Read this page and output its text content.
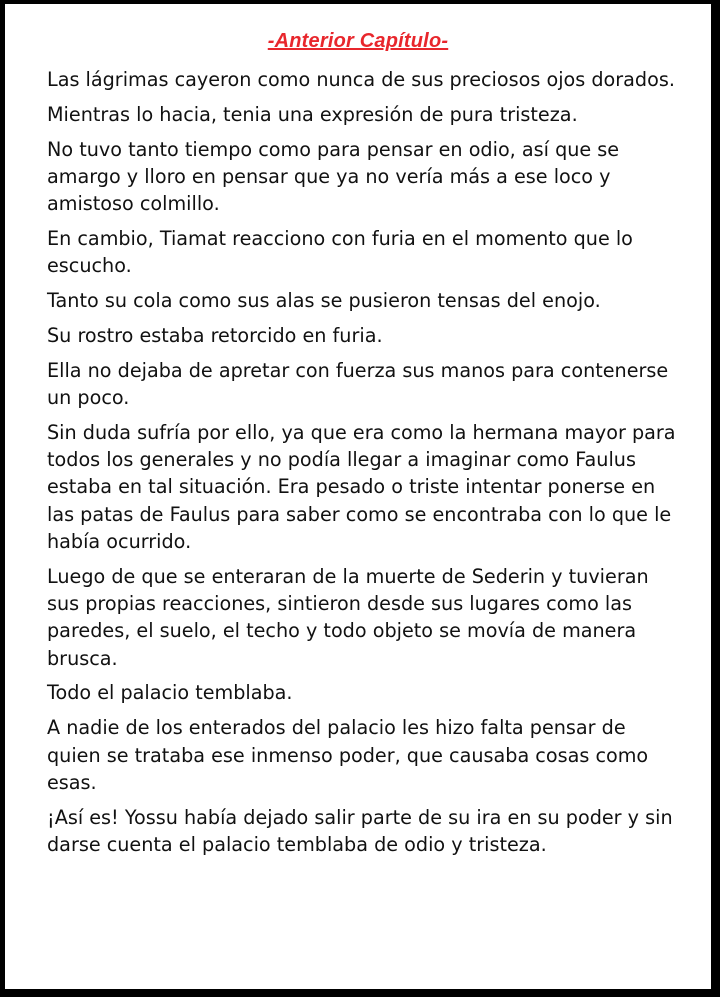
-Anterior Capítulo-

Las lágrimas cayeron como nunca de sus preciosos ojos dorados.

Mientras lo hacia, tenia una expresión de pura tristeza.

No tuvo tanto tiempo como para pensar en odio, así que se amargo y lloro en pensar que ya no vería más a ese loco y amistoso colmillo.

En cambio, Tiamat reacciono con furia en el momento que lo escucho.

Tanto su cola como sus alas se pusieron tensas del enojo.

Su rostro estaba retorcido en furia.

Ella no dejaba de apretar con fuerza sus manos para contenerse un poco.

Sin duda sufría por ello, ya que era como la hermana mayor para todos los generales y no podía llegar a imaginar como Faulus estaba en tal situación. Era pesado o triste intentar ponerse en las patas de Faulus para saber como se encontraba con lo que le había ocurrido.

Luego de que se enteraran de la muerte de Sederin y tuvieran sus propias reacciones, sintieron desde sus lugares como las paredes, el suelo, el techo y todo objeto se movía de manera brusca.

Todo el palacio temblaba.

A nadie de los enterados del palacio les hizo falta pensar de quien se trataba ese inmenso poder, que causaba cosas como esas.

¡Así es! Yossu había dejado salir parte de su ira en su poder y sin darse cuenta el palacio temblaba de odio y tristeza.
